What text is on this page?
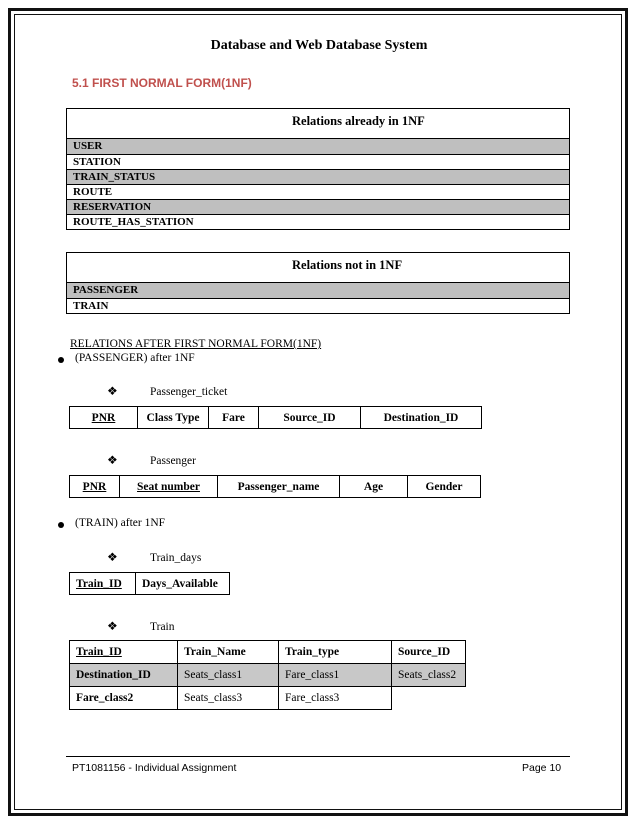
Database and Web Database System
5.1 FIRST NORMAL FORM(1NF)
Relations already in 1NF
USER
STATION
TRAIN_STATUS
ROUTE
RESERVATION
ROUTE_HAS_STATION
Relations not in 1NF
PASSENGER
TRAIN
RELATIONS AFTER FIRST NORMAL FORM(1NF)
(PASSENGER) after 1NF
❖	Passenger_ticket
PNR	Class Type	Fare	Source_ID	Destination_ID
❖	Passenger
PNR	Seat number	Passenger_name	Age	Gender
(TRAIN) after 1NF
❖	Train_days
Train_ID	Days_Available
❖	Train
Train_ID	Train_Name	Train_type	Source_ID
Destination_ID	Seats_class1	Fare_class1	Seats_class2
Fare_class2	Seats_class3	Fare_class3	
PT1081156 - Individual Assignment	Page 10
